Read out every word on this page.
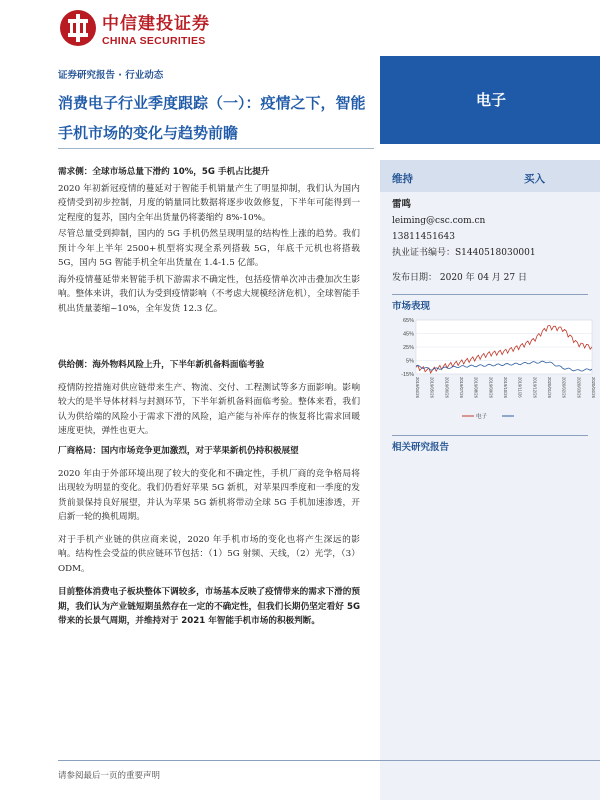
中信建投证券
CHINA SECURITIES
证券研究报告 · 行业动态
消费电子行业季度跟踪（一）：疫情之下，智能手机市场的变化与趋势前瞻
电子
维持	买入
雷鸣
leiming@csc.com.cn
13811451643
执业证书编号：S1440518030001
发布日期： 2020 年 04 月 27 日
市场表现
65%
45%
25%
5%
-15%
2019/04/26 2019/05/26 2019/06/26 2019/07/26 2019/08/26 2019/09/26 2019/10/26 2019/11/26 2019/12/26 2020/01/26 2020/02/26 2020/03/26 2020/04/26
电子
相关研究报告
需求侧：全球市场总量下滑约 10%，5G 手机占比提升
2020 年初新冠疫情的蔓延对于智能手机销量产生了明显抑制，我们认为国内疫情受到初步控制，月度的销量同比数据将逐步收敛修复，下半年可能得到一定程度的复苏，国内全年出货量仍将萎缩约 8%-10%。
尽管总量受到抑制，国内的 5G 手机仍然呈现明显的结构性上涨的趋势。我们预计今年上半年 2500+机型将实现全系列搭载 5G，年底千元机也将搭载 5G，国内 5G 智能手机全年出货量在 1.4-1.5 亿部。
海外疫情蔓延带来智能手机下游需求不确定性，包括疫情单次冲击叠加次生影响。整体来讲，我们认为受到疫情影响（不考虑大规模经济危机），全球智能手机出货量萎缩~10%，全年发货 12.3 亿。
供给侧：海外物料风险上升，下半年新机备料面临考验
疫情防控措施对供应链带来生产、物流、交付、工程测试等多方面影响。影响较大的是半导体材料与封测环节，下半年新机备料面临考验。整体来看，我们认为供给端的风险小于需求下滑的风险，追产能与补库存的恢复将比需求回暖速度更快，弹性也更大。
厂商格局：国内市场竞争更加激烈，对于苹果新机仍持积极展望
2020 年由于外部环境出现了较大的变化和不确定性，手机厂商的竞争格局将出现较为明显的变化。我们仍看好苹果 5G 新机，对苹果四季度和一季度的发货前景保持良好展望，并认为苹果 5G 新机将带动全球 5G 手机加速渗透，开启新一轮的换机周期。
对于手机产业链的供应商来说，2020 年手机市场的变化也将产生深远的影响。结构性会受益的供应链环节包括：（1）5G 射频、天线，（2）光学，（3）ODM。
目前整体消费电子板块整体下调较多，市场基本反映了疫情带来的需求下滑的预期，我们认为产业链短期虽然存在一定的不确定性，但我们长期仍坚定看好 5G 带来的长景气周期，并维持对于 2021 年智能手机市场的积极判断。
请参阅最后一页的重要声明
